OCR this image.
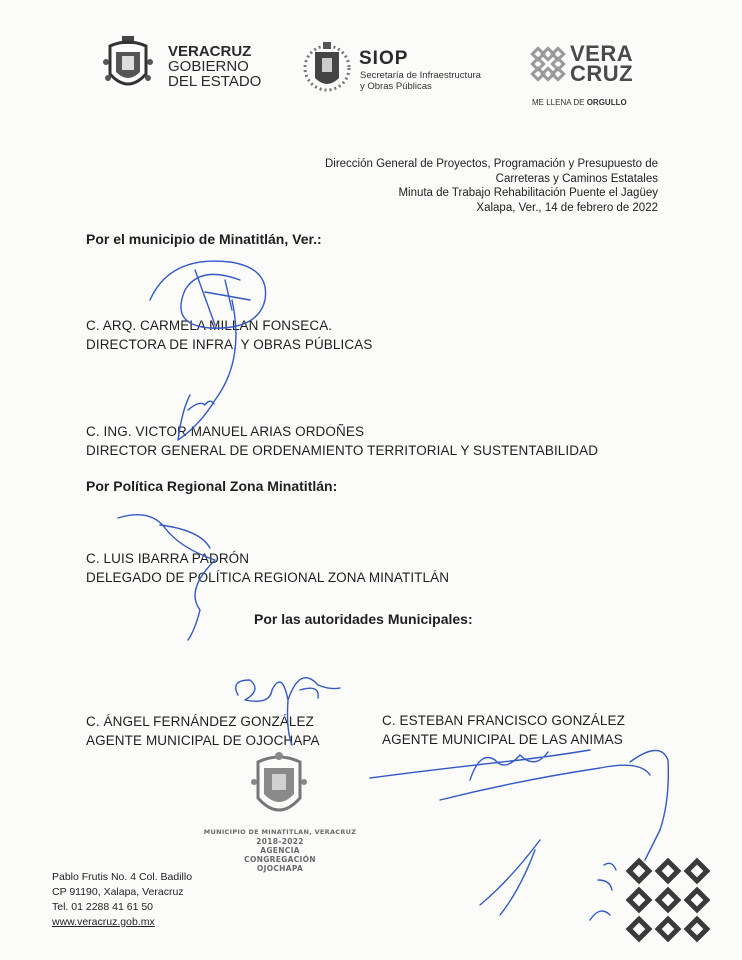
VERACRUZ
GOBIERNO
DEL ESTADO
SIOP
Secretaría de Infraestructura
y Obras Públicas
VERA
CRUZ
ME LLENA DE ORGULLO
Dirección General de Proyectos, Programación y Presupuesto de
Carreteras y Caminos Estatales
Minuta de Trabajo Rehabilitación Puente el Jagüey
Xalapa, Ver., 14 de febrero de 2022
Por el municipio de Minatitlán, Ver.:
C. ARQ. CARMELA MILLAN FONSECA.
DIRECTORA DE INFRA. Y OBRAS PÚBLICAS
C. ING. VICTOR MANUEL ARIAS ORDOÑES
DIRECTOR GENERAL DE ORDENAMIENTO TERRITORIAL Y SUSTENTABILIDAD
Por Política Regional Zona Minatitlán:
C. LUIS IBARRA PADRÓN
DELEGADO DE POLÍTICA REGIONAL ZONA MINATITLÁN
Por las autoridades Municipales:
C. ÁNGEL FERNÁNDEZ GONZÁLEZ
AGENTE MUNICIPAL DE OJOCHAPA
C. ESTEBAN FRANCISCO GONZÁLEZ
AGENTE MUNICIPAL DE LAS ANIMAS
MUNICIPIO DE MINATITLAN, VERACRUZ
2018-2022
AGENCIA
CONGREGACIÓN
OJOCHAPA
Pablo Frutis No. 4 Col. Badillo
CP 91190, Xalapa, Veracruz
Tel. 01 2288 41 61 50
www.veracruz.gob.mx
